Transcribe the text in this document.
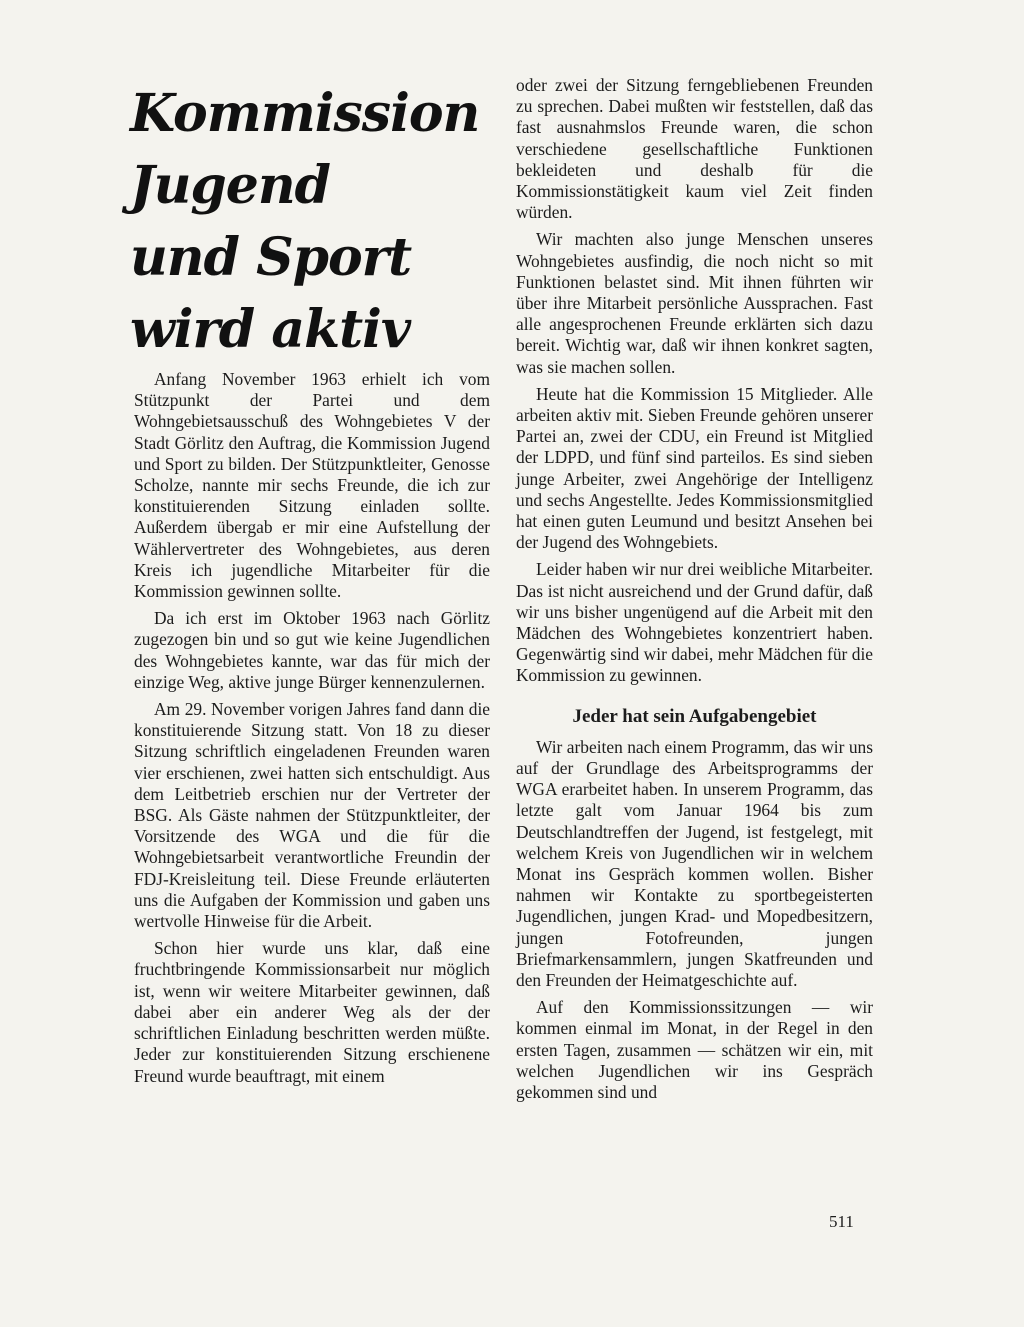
Kommission
Jugend
und Sport
wird aktiv

Anfang November 1963 erhielt ich vom Stützpunkt der Partei und dem Wohngebietsausschuß des Wohngebietes V der Stadt Görlitz den Auftrag, die Kommission Jugend und Sport zu bilden. Der Stützpunktleiter, Genosse Scholze, nannte mir sechs Freunde, die ich zur konstituierenden Sitzung einladen sollte. Außerdem übergab er mir eine Aufstellung der Wählervertreter des Wohngebietes, aus deren Kreis ich jugendliche Mitarbeiter für die Kommission gewinnen sollte.

Da ich erst im Oktober 1963 nach Görlitz zugezogen bin und so gut wie keine Jugendlichen des Wohngebietes kannte, war das für mich der einzige Weg, aktive junge Bürger kennenzulernen.

Am 29. November vorigen Jahres fand dann die konstituierende Sitzung statt. Von 18 zu dieser Sitzung schriftlich eingeladenen Freunden waren vier erschienen, zwei hatten sich entschuldigt. Aus dem Leitbetrieb erschien nur der Vertreter der BSG. Als Gäste nahmen der Stützpunktleiter, der Vorsitzende des WGA und die für die Wohngebietsarbeit verantwortliche Freundin der FDJ-Kreisleitung teil. Diese Freunde erläuterten uns die Aufgaben der Kommission und gaben uns wertvolle Hinweise für die Arbeit.

Schon hier wurde uns klar, daß eine fruchtbringende Kommissionsarbeit nur möglich ist, wenn wir weitere Mitarbeiter gewinnen, daß dabei aber ein anderer Weg als der der schriftlichen Einladung beschritten werden müßte. Jeder zur konstituierenden Sitzung erschienene Freund wurde beauftragt, mit einem

oder zwei der Sitzung ferngebliebenen Freunden zu sprechen. Dabei mußten wir feststellen, daß das fast ausnahmslos Freunde waren, die schon verschiedene gesellschaftliche Funktionen bekleideten und deshalb für die Kommissionstätigkeit kaum viel Zeit finden würden.

Wir machten also junge Menschen unseres Wohngebietes ausfindig, die noch nicht so mit Funktionen belastet sind. Mit ihnen führten wir über ihre Mitarbeit persönliche Aussprachen. Fast alle angesprochenen Freunde erklärten sich dazu bereit. Wichtig war, daß wir ihnen konkret sagten, was sie machen sollen.

Heute hat die Kommission 15 Mitglieder. Alle arbeiten aktiv mit. Sieben Freunde gehören unserer Partei an, zwei der CDU, ein Freund ist Mitglied der LDPD, und fünf sind parteilos. Es sind sieben junge Arbeiter, zwei Angehörige der Intelligenz und sechs Angestellte. Jedes Kommissionsmitglied hat einen guten Leumund und besitzt Ansehen bei der Jugend des Wohngebiets.

Leider haben wir nur drei weibliche Mitarbeiter. Das ist nicht ausreichend und der Grund dafür, daß wir uns bisher ungenügend auf die Arbeit mit den Mädchen des Wohngebietes konzentriert haben. Gegenwärtig sind wir dabei, mehr Mädchen für die Kommission zu gewinnen.

Jeder hat sein Aufgabengebiet

Wir arbeiten nach einem Programm, das wir uns auf der Grundlage des Arbeitsprogramms der WGA erarbeitet haben. In unserem Programm, das letzte galt vom Januar 1964 bis zum Deutschlandtreffen der Jugend, ist festgelegt, mit welchem Kreis von Jugendlichen wir in welchem Monat ins Gespräch kommen wollen. Bisher nahmen wir Kontakte zu sportbegeisterten Jugendlichen, jungen Krad- und Mopedbesitzern, jungen Fotofreunden, jungen Briefmarkensammlern, jungen Skatfreunden und den Freunden der Heimatgeschichte auf.

Auf den Kommissionssitzungen — wir kommen einmal im Monat, in der Regel in den ersten Tagen, zusammen — schätzen wir ein, mit welchen Jugendlichen wir ins Gespräch gekommen sind und

511
